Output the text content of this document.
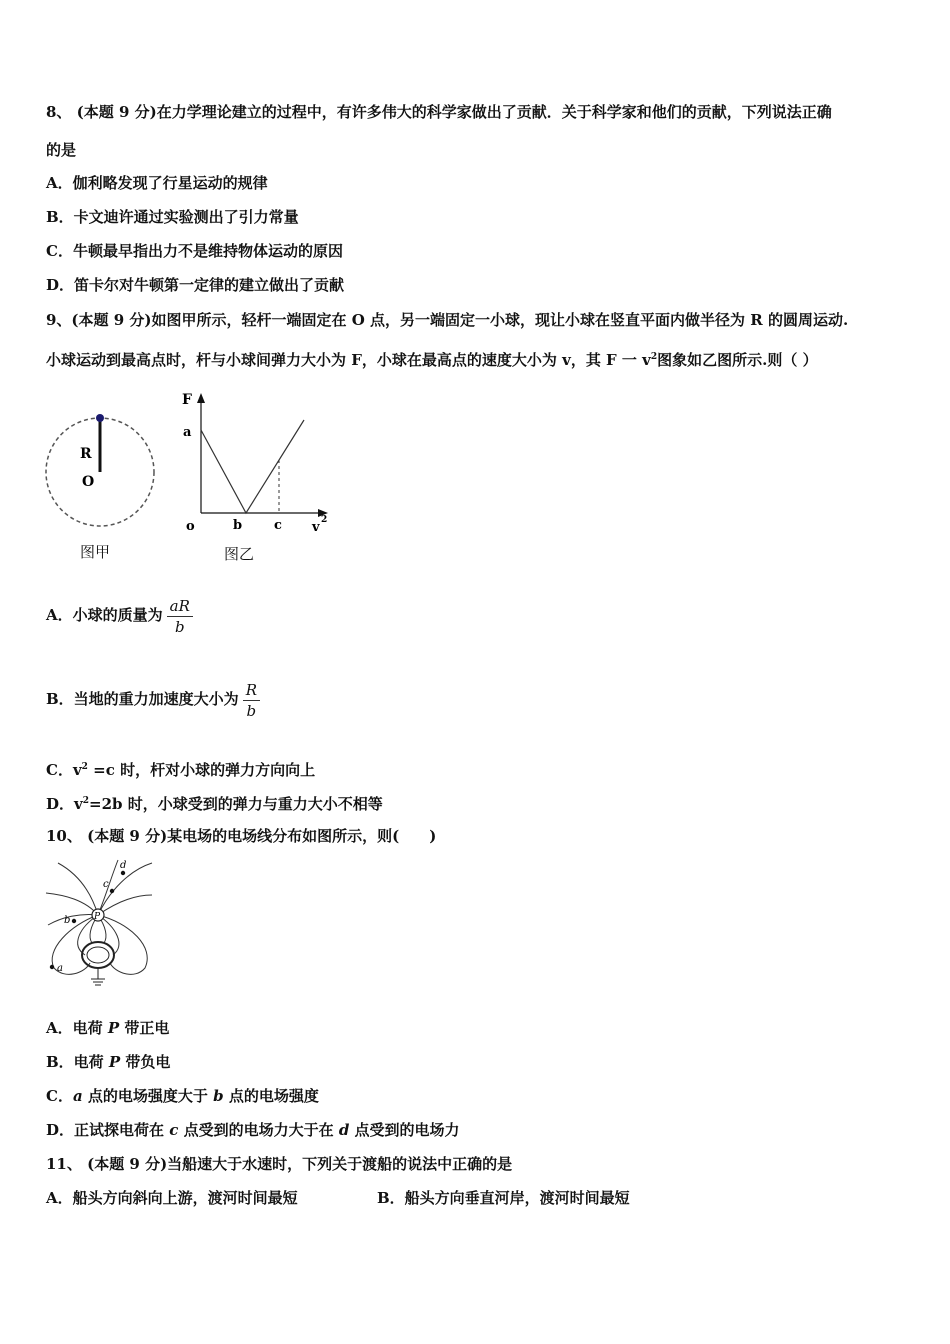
8、 (本题 9 分)在力学理论建立的过程中，有许多伟大的科学家做出了贡献．关于科学家和他们的贡献，下列说法正确
的是
A．伽利略发现了行星运动的规律
B．卡文迪许通过实验测出了引力常量
C．牛顿最早指出力不是维持物体运动的原因
D．笛卡尔对牛顿第一定律的建立做出了贡献
9、(本题 9 分)如图甲所示，轻杆一端固定在 O 点，另一端固定一小球，现让小球在竖直平面内做半径为 R 的圆周运动.
小球运动到最高点时，杆与小球间弹力大小为 F，小球在最高点的速度大小为 v，其 F 一 $v^2$图象如乙图所示.则（ ）
R
O
图甲
F
a
o	b c v 2
图乙
A．小球的质量为 $\frac{aR}{b}$
B．当地的重力加速度大小为 $\frac{R}{b}$
C．$v^2 =c$ 时，杆对小球的弹力方向向上
D．$v^2=2b$ 时，小球受到的弹力与重力大小不相等
10、 (本题 9 分)某电场的电场线分布如图所示，则(　　)
P
c
d
b
a
A．电荷 P 带正电
B．电荷 P 带负电
C．a 点的电场强度大于 b 点的电场强度
D．正试探电荷在 c 点受到的电场力大于在 d 点受到的电场力
11、 (本题 9 分)当船速大于水速时，下列关于渡船的说法中正确的是
A．船头方向斜向上游，渡河时间最短	B．船头方向垂直河岸，渡河时间最短
